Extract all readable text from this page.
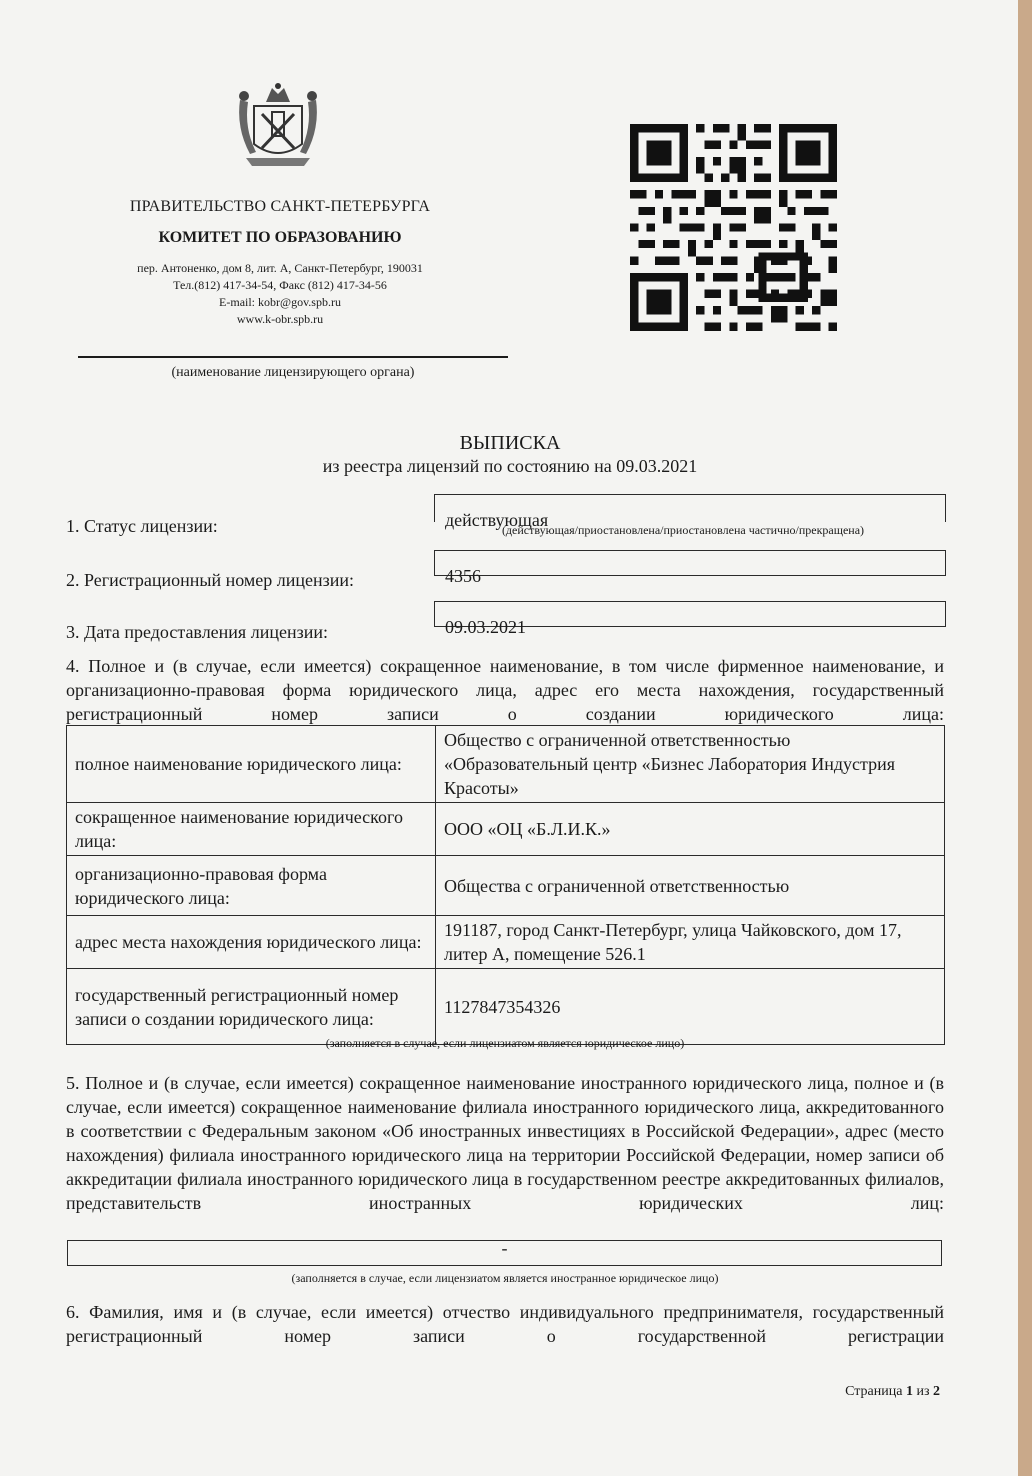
ПРАВИТЕЛЬСТВО САНКТ-ПЕТЕРБУРГА
КОМИТЕТ ПО ОБРАЗОВАНИЮ
пер. Антоненко, дом 8, лит. А, Санкт-Петербург, 190031
Тел.(812) 417-34-54, Факс (812) 417-34-56
E-mail: kobr@gov.spb.ru
www.k-obr.spb.ru
(наименование лицензирующего органа)
ВЫПИСКА
из реестра лицензий по состоянию на 09.03.2021
1. Статус лицензии:	действующая
(действующая/приостановлена/приостановлена частично/прекращена)
2. Регистрационный номер лицензии:	4356
3. Дата предоставления лицензии:	09.03.2021
4. Полное и (в случае, если имеется) сокращенное наименование, в том числе фирменное наименование, и организационно-правовая форма юридического лица, адрес его места нахождения, государственный регистрационный номер записи о создании юридического лица:
полное наименование юридического лица:	Общество с ограниченной ответственностью «Образовательный центр «Бизнес Лаборатория Индустрия Красоты»
сокращенное наименование юридического лица:	ООО «ОЦ «Б.Л.И.К.»
организационно-правовая форма юридического лица:	Общества с ограниченной ответственностью
адрес места нахождения юридического лица:	191187, город Санкт-Петербург, улица Чайковского, дом 17, литер А, помещение 526.1
государственный регистрационный номер записи о создании юридического лица:	1127847354326
(заполняется в случае, если лицензиатом является юридическое лицо)
5. Полное и (в случае, если имеется) сокращенное наименование иностранного юридического лица, полное и (в случае, если имеется) сокращенное наименование филиала иностранного юридического лица, аккредитованного в соответствии с Федеральным законом «Об иностранных инвестициях в Российской Федерации», адрес (место нахождения) филиала иностранного юридического лица на территории Российской Федерации, номер записи об аккредитации филиала иностранного юридического лица в государственном реестре аккредитованных филиалов, представительств иностранных юридических лиц:
-
(заполняется в случае, если лицензиатом является иностранное юридическое лицо)
6. Фамилия, имя и (в случае, если имеется) отчество индивидуального предпринимателя, государственный регистрационный номер записи о государственной регистрации
Страница 1 из 2
